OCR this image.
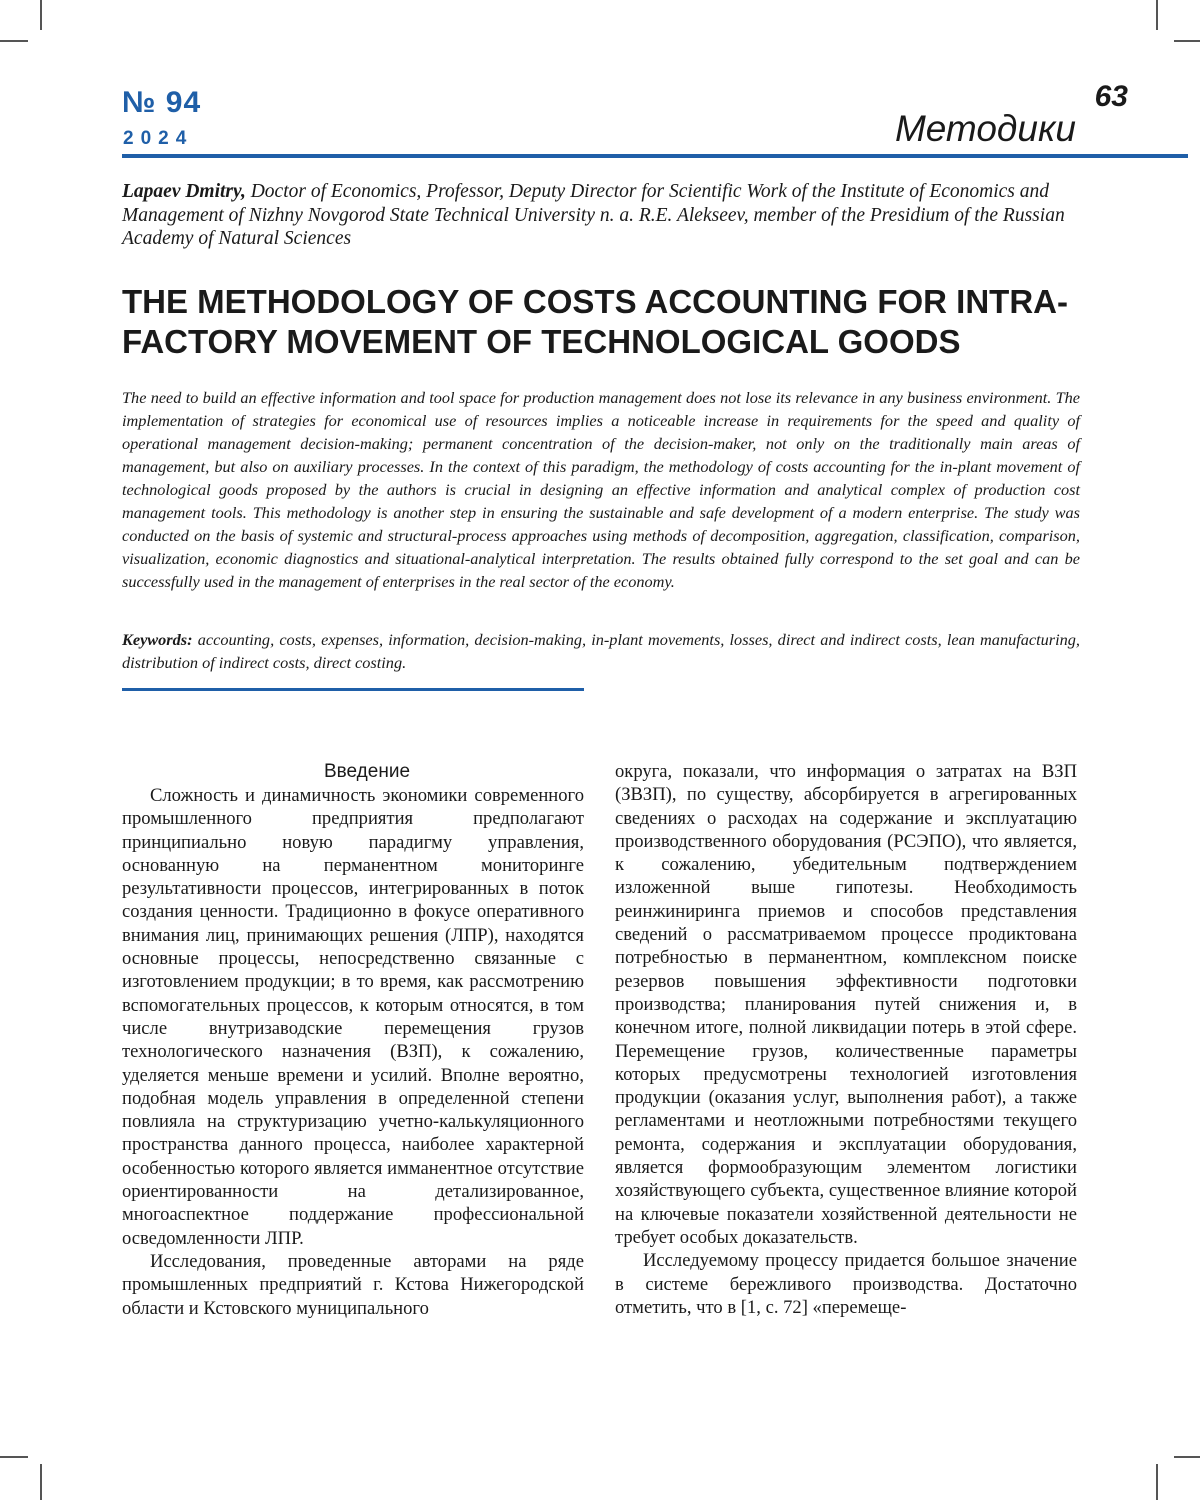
№ 94
2024
63
Методики
Lapaev Dmitry, Doctor of Economics, Professor, Deputy Director for Scientific Work of the Institute of Economics and Management of Nizhny Novgorod State Technical University n. a. R.E. Alekseev, member of the Presidium of the Russian Academy of Natural Sciences
THE METHODOLOGY OF COSTS ACCOUNTING FOR INTRA-FACTORY MOVEMENT OF TECHNOLOGICAL GOODS

The need to build an effective information and tool space for production management does not lose its relevance in any business environment. The implementation of strategies for economical use of resources implies a noticeable increase in requirements for the speed and quality of operational management decision-making; permanent concentration of the decision-maker, not only on the traditionally main areas of management, but also on auxiliary processes. In the context of this paradigm, the methodology of costs accounting for the in-plant movement of technological goods proposed by the authors is crucial in designing an effective information and analytical complex of production cost management tools. This methodology is another step in ensuring the sustainable and safe development of a modern enterprise. The study was conducted on the basis of systemic and structural-process approaches using methods of decomposition, aggregation, classification, comparison, visualization, economic diagnostics and situational-analytical interpretation. The results obtained fully correspond to the set goal and can be successfully used in the management of enterprises in the real sector of the economy.

Keywords: accounting, costs, expenses, information, decision-making, in-plant movements, losses, direct and indirect costs, lean manufacturing, distribution of indirect costs, direct costing.

Введение

Сложность и динамичность экономики современного промышленного предприятия предполагают принципиально новую парадигму управления, основанную на перманентном мониторинге результативности процессов, интегрированных в поток создания ценности. Традиционно в фокусе оперативного внимания лиц, принимающих решения (ЛПР), находятся основные процессы, непосредственно связанные с изготовлением продукции; в то время, как рассмотрению вспомогательных процессов, к которым относятся, в том числе внутризаводские перемещения грузов технологического назначения (ВЗП), к сожалению, уделяется меньше времени и усилий. Вполне вероятно, подобная модель управления в определенной степени повлияла на структуризацию учетно-калькуляционного пространства данного процесса, наиболее характерной особенностью которого является имманентное отсутствие ориентированности на детализированное, многоаспектное поддержание профессиональной осведомленности ЛПР.

Исследования, проведенные авторами на ряде промышленных предприятий г. Кстова Нижегородской области и Кстовского муниципального

округа, показали, что информация о затратах на ВЗП (ЗВЗП), по существу, абсорбируется в агрегированных сведениях о расходах на содержание и эксплуатацию производственного оборудования (РСЭПО), что является, к сожалению, убедительным подтверждением изложенной выше гипотезы. Необходимость реинжиниринга приемов и способов представления сведений о рассматриваемом процессе продиктована потребностью в перманентном, комплексном поиске резервов повышения эффективности подготовки производства; планирования путей снижения и, в конечном итоге, полной ликвидации потерь в этой сфере. Перемещение грузов, количественные параметры которых предусмотрены технологией изготовления продукции (оказания услуг, выполнения работ), а также регламентами и неотложными потребностями текущего ремонта, содержания и эксплуатации оборудования, является формообразующим элементом логистики хозяйствующего субъекта, существенное влияние которой на ключевые показатели хозяйственной деятельности не требует особых доказательств.

Исследуемому процессу придается большое значение в системе бережливого производства. Достаточно отметить, что в [1, с. 72] «перемеще-
